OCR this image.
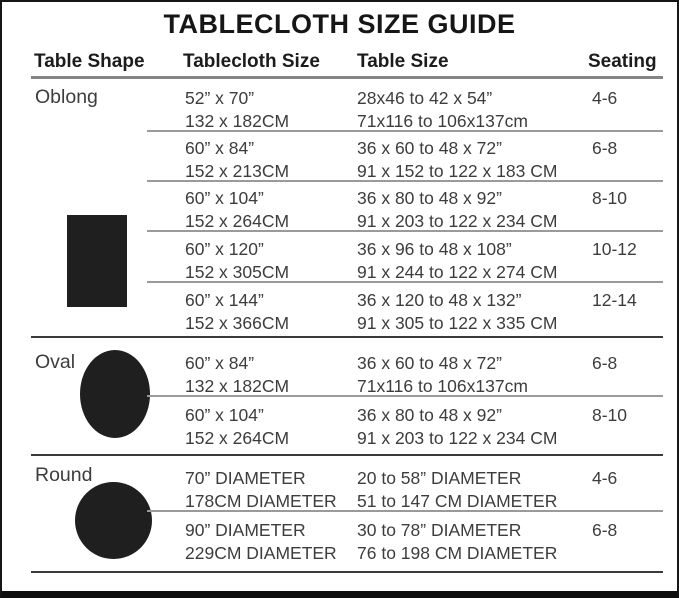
TABLECLOTH SIZE GUIDE
Table Shape Tablecloth Size Table Size	Seating
Oblong
Oval
Round
52” x 70”
132 x 182CM
28x46 to 42 x 54”
71x116 to 106x137cm
4-6
60” x 84”
152 x 213CM
36 x 60 to 48 x 72”
91 x 152 to 122 x 183 CM
6-8
60” x 104”
152 x 264CM
36 x 80 to 48 x 92”
91 x 203 to 122 x 234 CM
8-10
60” x 120”
152 x 305CM
36 x 96 to 48 x 108”
91 x 244 to 122 x 274 CM
10-12
60” x 144”
152 x 366CM
36 x 120 to 48 x 132”
91 x 305 to 122 x 335 CM
12-14
60” x 84”
132 x 182CM
36 x 60 to 48 x 72”
71x116 to 106x137cm
6-8
60” x 104”
152 x 264CM
36 x 80 to 48 x 92”
91 x 203 to 122 x 234 CM
8-10
70” DIAMETER
178CM DIAMETER
20 to 58” DIAMETER
51 to 147 CM DIAMETER
4-6
90” DIAMETER
229CM DIAMETER
30 to 78” DIAMETER
76 to 198 CM DIAMETER
6-8
